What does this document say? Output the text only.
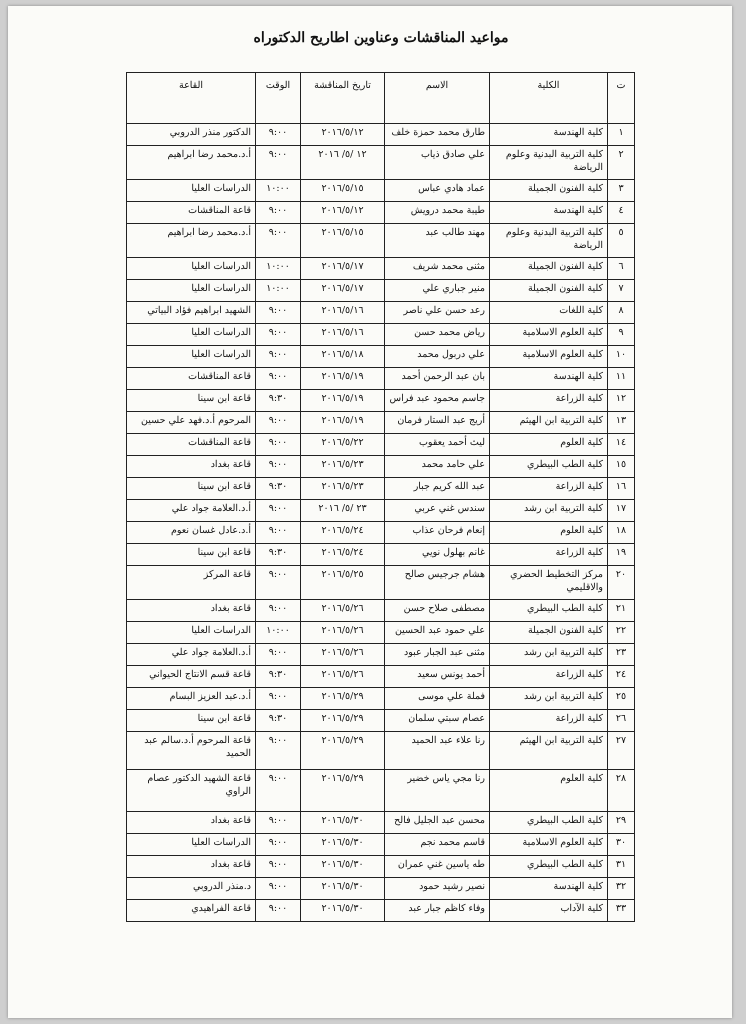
مواعيد المناقشات وعناوين اطاريح الدكتوراه
ت	الكلية	الاسم	تاريخ المناقشة	الوقت	القاعة
١	كلية الهندسة	طارق محمد حمزة خلف	٢٠١٦/٥/١٢	٩:٠٠	الدكتور منذر الدروبي
٢	كلية التربية البدنية وعلوم الرياضة	علي صادق ذياب	١٢ /٥/ ٢٠١٦	٩:٠٠	أ.د.محمد رضا ابراهيم
٣	كلية الفنون الجميلة	عماد هادي عباس	٢٠١٦/٥/١٥	١٠:٠٠	الدراسات العليا
٤	كلية الهندسة	طيبة محمد درويش	٢٠١٦/٥/١٢	٩:٠٠	قاعة المناقشات
٥	كلية التربية البدنية وعلوم الرياضة	مهند طالب عبد	٢٠١٦/٥/١٥	٩:٠٠	أ.د.محمد رضا ابراهيم
٦	كلية الفنون الجميلة	مثنى محمد شريف	٢٠١٦/٥/١٧	١٠:٠٠	الدراسات العليا
٧	كلية الفنون الجميلة	منير جباري علي	٢٠١٦/٥/١٧	١٠:٠٠	الدراسات العليا
٨	كلية اللغات	رعد حسن علي ناصر	٢٠١٦/٥/١٦	٩:٠٠	الشهيد ابراهيم فؤاد البياتي
٩	كلية العلوم الاسلامية	رياض محمد حسن	٢٠١٦/٥/١٦	٩:٠٠	الدراسات العليا
١٠	كلية العلوم الاسلامية	علي دربول محمد	٢٠١٦/٥/١٨	٩:٠٠	الدراسات العليا
١١	كلية الهندسة	بان عبد الرحمن أحمد	٢٠١٦/٥/١٩	٩:٠٠	قاعة المناقشات
١٢	كلية الزراعة	جاسم محمود عبد فراس	٢٠١٦/٥/١٩	٩:٣٠	قاعة ابن سينا
١٣	كلية التربية ابن الهيثم	أريج عبد الستار فرمان	٢٠١٦/٥/١٩	٩:٠٠	المرحوم أ.د.فهد علي حسين
١٤	كلية العلوم	ليث أحمد يعقوب	٢٠١٦/٥/٢٢	٩:٠٠	قاعة المناقشات
١٥	كلية الطب البيطري	علي حامد محمد	٢٠١٦/٥/٢٣	٩:٠٠	قاعة بغداد
١٦	كلية الزراعة	عبد الله كريم جبار	٢٠١٦/٥/٢٣	٩:٣٠	قاعة ابن سينا
١٧	كلية التربية ابن رشد	سندس غني عربي	٢٣ /٥/ ٢٠١٦	٩:٠٠	أ.د.العلامة جواد علي
١٨	كلية العلوم	إنعام فرحان عذاب	٢٠١٦/٥/٢٤	٩:٠٠	أ.د.عادل غسان نعوم
١٩	كلية الزراعة	غانم بهلول نويي	٢٠١٦/٥/٢٤	٩:٣٠	قاعة ابن سينا
٢٠	مركز التخطيط الحضري والاقليمي	هشام جرجيس صالح	٢٠١٦/٥/٢٥	٩:٠٠	قاعة المركز
٢١	كلية الطب البيطري	مصطفى صلاح حسن	٢٠١٦/٥/٢٦	٩:٠٠	قاعة بغداد
٢٢	كلية الفنون الجميلة	علي حمود عبد الحسين	٢٠١٦/٥/٢٦	١٠:٠٠	الدراسات العليا
٢٣	كلية التربية ابن رشد	مثنى عبد الجبار عبود	٢٠١٦/٥/٢٦	٩:٠٠	أ.د.العلامة جواد علي
٢٤	كلية الزراعة	أحمد يونس سعيد	٢٠١٦/٥/٢٦	٩:٣٠	قاعة قسم الانتاج الحيواني
٢٥	كلية التربية ابن رشد	فملة علي موسى	٢٠١٦/٥/٢٩	٩:٠٠	أ.د.عبد العزيز البسام
٢٦	كلية الزراعة	عصام سبتي سلمان	٢٠١٦/٥/٢٩	٩:٣٠	قاعة ابن سينا
٢٧	كلية التربية ابن الهيثم	رنا علاء عبد الحميد	٢٠١٦/٥/٢٩	٩:٠٠	قاعة المرحوم أ.د.سالم عبد الحميد
٢٨	كلية العلوم	رنا مجي ياس خضير	٢٠١٦/٥/٢٩	٩:٠٠	قاعة الشهيد الدكتور عصام الراوي
٢٩	كلية الطب البيطري	محسن عبد الجليل فالح	٢٠١٦/٥/٣٠	٩:٠٠	قاعة بغداد
٣٠	كلية العلوم الاسلامية	قاسم محمد نجم	٢٠١٦/٥/٣٠	٩:٠٠	الدراسات العليا
٣١	كلية الطب البيطري	طه ياسين غني عمران	٢٠١٦/٥/٣٠	٩:٠٠	قاعة بغداد
٣٢	كلية الهندسة	نصير رشيد حمود	٢٠١٦/٥/٣٠	٩:٠٠	د.منذر الدروبي
٣٣	كلية الآداب	وفاء كاظم جبار عبد	٢٠١٦/٥/٣٠	٩:٠٠	قاعة الفراهيدي
